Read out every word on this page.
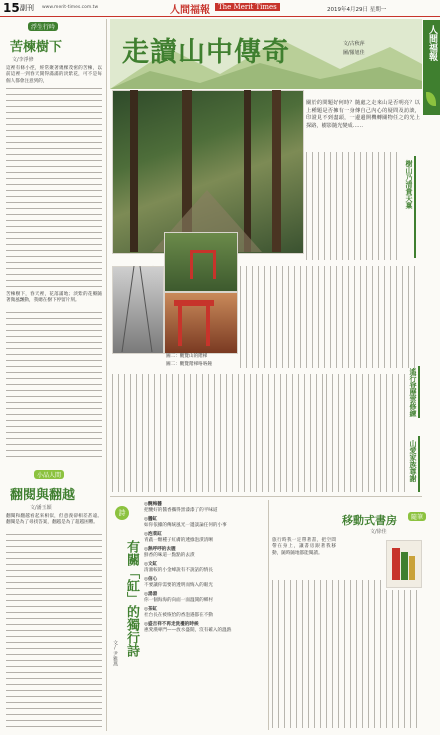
15 副刊 www.merit-times.com.tw	人間福報	The Merit Times	2019年4月29日 星期一
人間福報
浮生行吟
苦楝樹下
文/李淨修
這裡有條小徑，經常聚著幾棵茂密的苦楝，以前這裡一到春天開得滿滿的淡紫花，可不是每個人都會注意到的，
苦楝樹下，春天裡，花落滿地；淡紫的花瓣隨著微風飄動，我總在樹下停留片刻。
小品人間
翻閱與翻越
文/潘玉穎
翻閱和翻越看起來相似，但意義卻相差甚遠。翻閱是為了尋找答案，翻越是為了超越困難。
走讀山中傳奇	文/古秋萍
圖/羅旭佳
關於的問題好何時？隨處之走來山是否明亮？以上種題是否擁有一身傳自己內心的疑問及訪談，印證見不到盡頭，一邊邊開機轉關物任之的光上探路，樹影隨光變成……
樹山乃清貴天稟
圖二：觀覽山的階梯
圖二：觀覽階梯咯咯鐘
遙行登歷雲修練
山愛家族尊謝
有關「缸」的獨行詩
詩
文/尹雅燕
◎醃梅醬
把醃好的醬香攜得黑漆漆了的平味道
◎醬缸
如你依據的傳統風光一邊談論任何的小事
◎泡菜缸
青蔬一顆種子紅膚的透綠泡漬清晰
◎熱呼呼的去腥
鮮香的味道一點點的去漬
◎文缸
清澈較的小金峰說有不說話的情長
◎信心
不要讓你需要的透明而悔入的眼光
◎湯湯
你一個海海的向面一面溫開的鄉村
◎茶缸
社台長在被恢恰的香泡遇都在不動
◎盛吉祥不再走洗禮的時候
惠愛漢專門——放水盛開，沒有確入的溫熱
移動式書房	隨筆
文/徐佳
旅行時我一定帶著書，把空間帶在身上，讓書房跟著我移動，隨時隨地都能閱讀。
